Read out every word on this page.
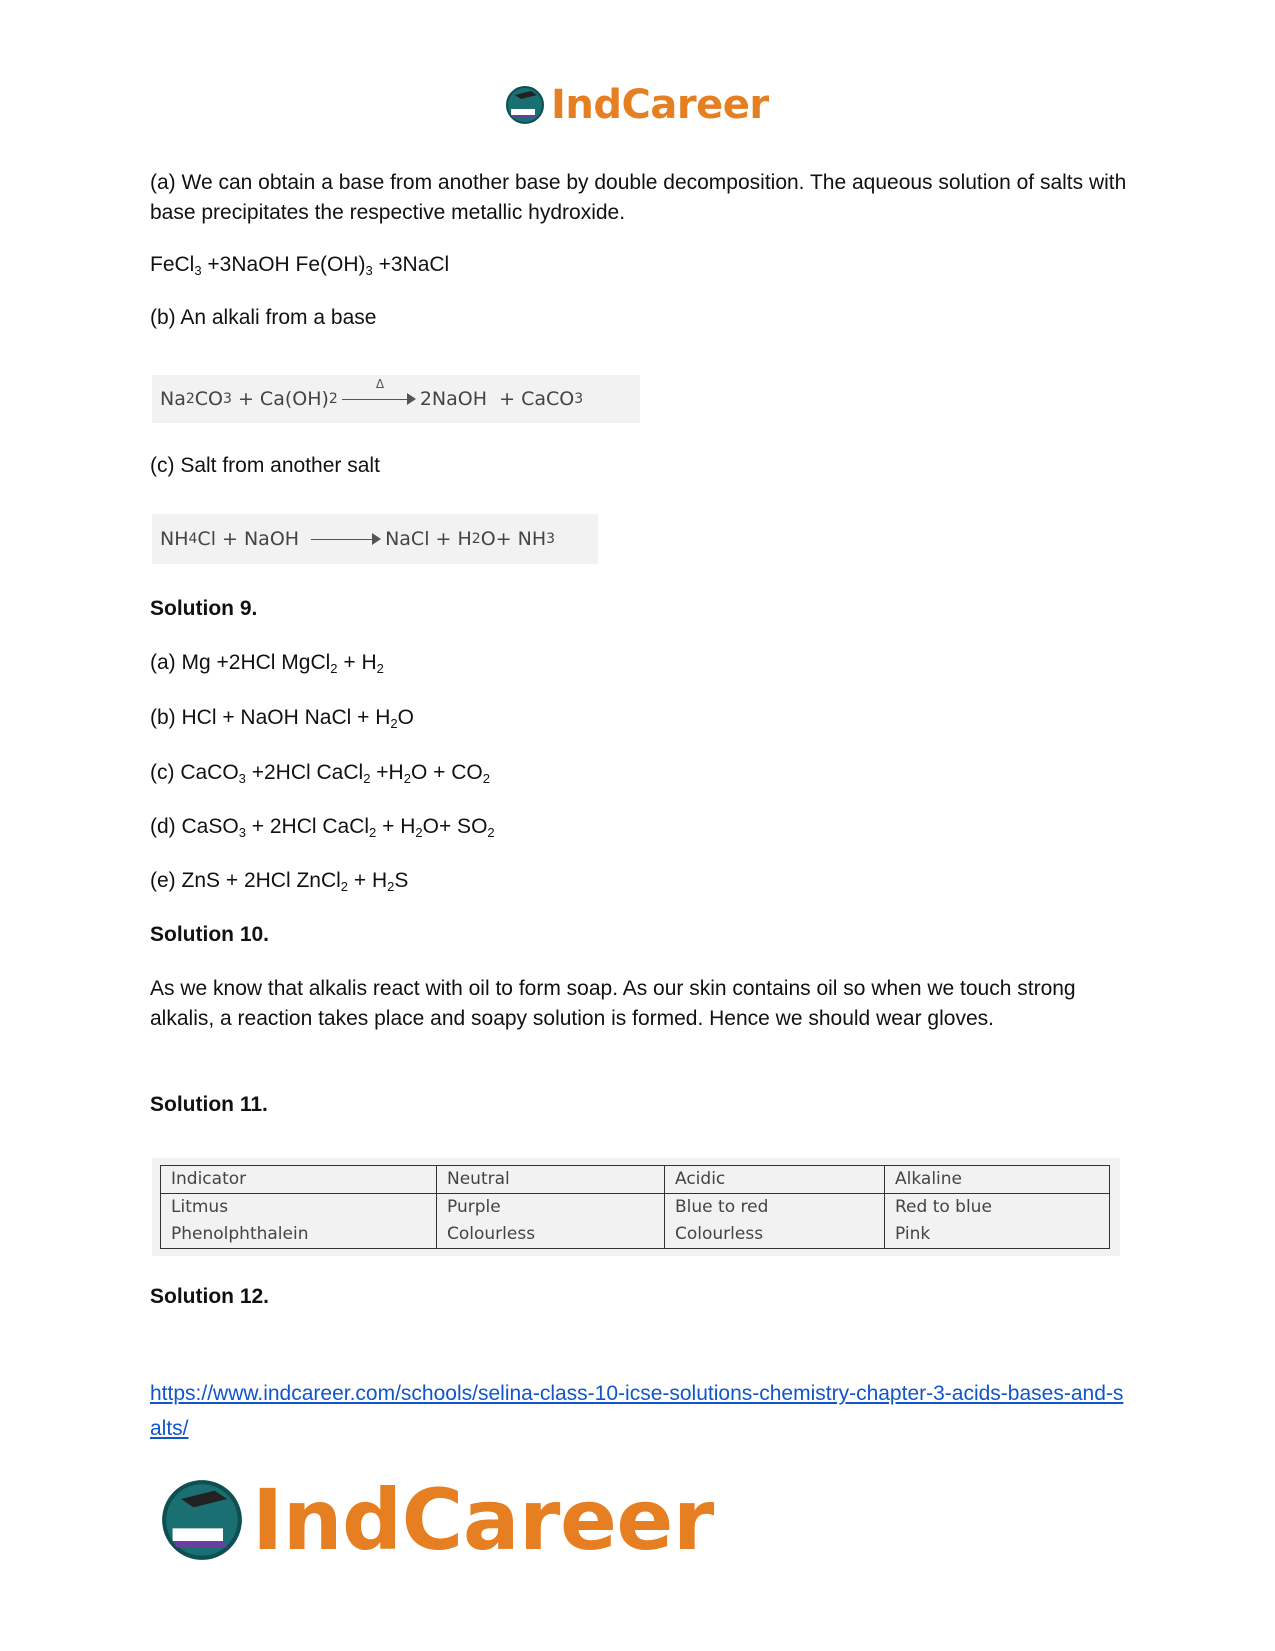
IndCareer

(a) We can obtain a base from another base by double decomposition. The aqueous solution of salts with base precipitates the respective metallic hydroxide.

FeCl$_3$ +3NaOH $Fe(OH)_3$ +3NaCl

(b) An alkali from a base

Na 2 CO 3 + Ca(OH) 2
Δ
2NaOH  + CaCO 3

(c) Salt from another salt

NH 4 Cl + NaOH	NaCl + H 2 O+ NH 3

Solution 9.

(a) Mg +2HCl MgCl$_2$ + $H_2$

(b) HCl + NaOH NaCl + $H_2O$

(c) CaCO$_3$ +2HCl CaCl$_2$ $+H_2O + CO_2$

(d) CaSO$_3$ + 2HCl CaCl$_2$ + $H_2O+ SO_2$

(e) ZnS + 2HCl ZnCl$_2$ + $H_2S$

Solution 10.

As we know that alkalis react with oil to form soap. As our skin contains oil so when we touch strong alkalis, a reaction takes place and soapy solution is formed. Hence we should wear gloves.

Solution 11.

Indicator	Neutral	Acidic	Alkaline
Litmus	Purple	Blue to red	Red to blue
Phenolphthalein	Colourless	Colourless	Pink

Solution 12.

https://www.indcareer.com/schools/selina-class-10-icse-solutions-chemistry-chapter-3-acids-bases-and-salts/
IndCareer
